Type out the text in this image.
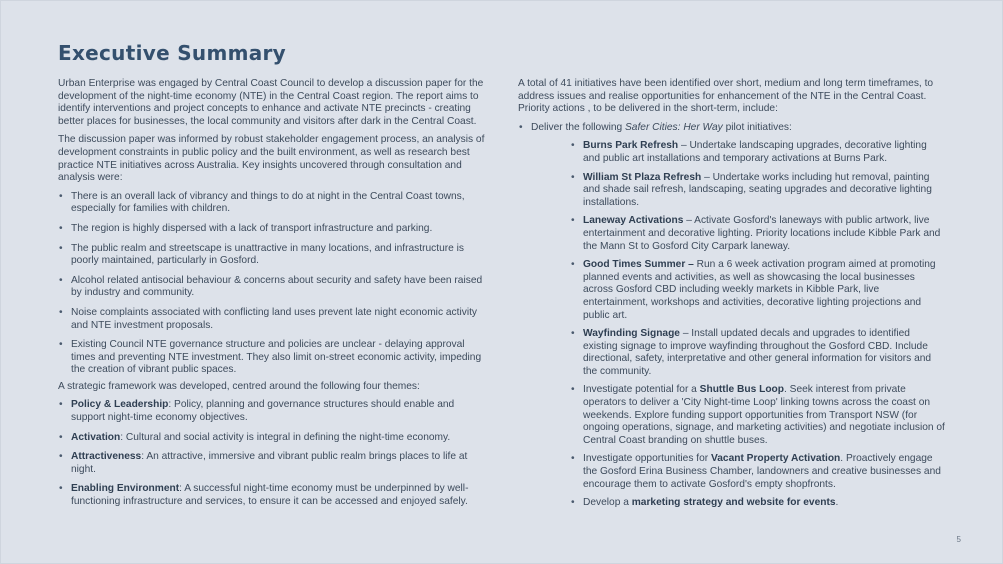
Executive Summary

Urban Enterprise was engaged by Central Coast Council to develop a discussion paper for the development of the night-time economy (NTE) in the Central Coast region. The report aims to identify interventions and project concepts to enhance and activate NTE precincts - creating better places for businesses, the local community and visitors after dark in the Central Coast.

The discussion paper was informed by robust stakeholder engagement process, an analysis of development constraints in public policy and the built environment, as well as research best practice NTE initiatives across Australia. Key insights uncovered through consultation and analysis were:

• There is an overall lack of vibrancy and things to do at night in the Central Coast towns, especially for families with children.
• The region is highly dispersed with a lack of transport infrastructure and parking.
• The public realm and streetscape is unattractive in many locations, and infrastructure is poorly maintained, particularly in Gosford.
• Alcohol related antisocial behaviour & concerns about security and safety have been raised by industry and community.
• Noise complaints associated with conflicting land uses prevent late night economic activity and NTE investment proposals.
• Existing Council NTE governance structure and policies are unclear - delaying approval times and preventing NTE investment. They also limit on-street economic activity, impeding the creation of vibrant public spaces.

A strategic framework was developed, centred around the following four themes:

• Policy & Leadership: Policy, planning and governance structures should enable and support night-time economy objectives.
• Activation: Cultural and social activity is integral in defining the night-time economy.
• Attractiveness: An attractive, immersive and vibrant public realm brings places to life at night.
• Enabling Environment: A successful night-time economy must be underpinned by well-functioning infrastructure and services, to ensure it can be accessed and enjoyed safely.

A total of 41 initiatives have been identified over short, medium and long term timeframes, to address issues and realise opportunities for enhancement of the NTE in the Central Coast. Priority actions , to be delivered in the short-term, include:

• Deliver the following Safer Cities: Her Way pilot initiatives:
• Burns Park Refresh – Undertake landscaping upgrades, decorative lighting and public art installations and temporary activations at Burns Park.
• William St Plaza Refresh – Undertake works including hut removal, painting and shade sail refresh, landscaping, seating upgrades and decorative lighting installations.
• Laneway Activations – Activate Gosford's laneways with public artwork, live entertainment and decorative lighting. Priority locations include Kibble Park and the Mann St to Gosford City Carpark laneway.
• Good Times Summer – Run a 6 week activation program aimed at promoting planned events and activities, as well as showcasing the local businesses across Gosford CBD including weekly markets in Kibble Park, live entertainment, workshops and activities, decorative lighting projections and public art.
• Wayfinding Signage – Install updated decals and upgrades to identified existing signage to improve wayfinding throughout the Gosford CBD. Include directional, safety, interpretative and other general information for visitors and the community.
• Investigate potential for a Shuttle Bus Loop. Seek interest from private operators to deliver a 'City Night-time Loop' linking towns across the coast on weekends. Explore funding support opportunities from Transport NSW (for ongoing operations, signage, and marketing activities) and negotiate inclusion of Central Coast branding on shuttle buses.
• Investigate opportunities for Vacant Property Activation. Proactively engage the Gosford Erina Business Chamber, landowners and creative businesses and encourage them to activate Gosford's empty shopfronts.
• Develop a marketing strategy and website for events.
5
